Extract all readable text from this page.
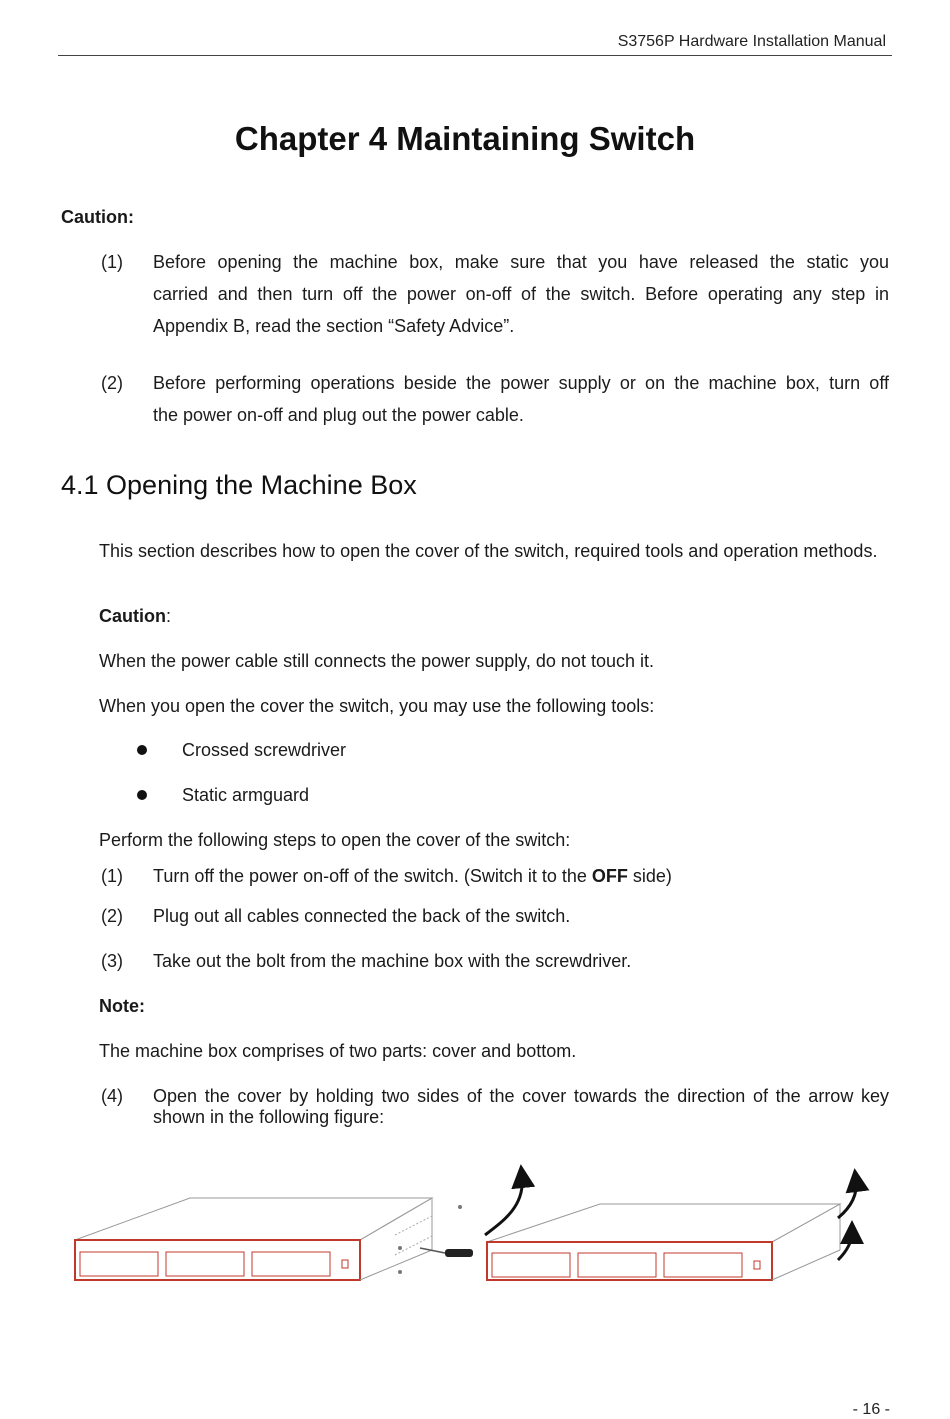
S3756P Hardware Installation Manual
Chapter 4 Maintaining Switch
Caution:
(1) Before opening the machine box, make sure that you have released the static you
carried and then turn off the power on-off of the switch. Before operating any step in
Appendix B, read the section “Safety Advice”.
(2) Before performing operations beside the power supply or on the machine box, turn off
the power on-off and plug out the power cable.
4.1 Opening the Machine Box
This section describes how to open the cover of the switch, required tools and operation methods.
Caution:
When the power cable still connects the power supply, do not touch it.
When you open the cover the switch, you may use the following tools:
Crossed screwdriver
Static armguard
Perform the following steps to open the cover of the switch:
(1) Turn off the power on-off of the switch. (Switch it to the OFF side)
(2) Plug out all cables connected the back of the switch.
(3) Take out the bolt from the machine box with the screwdriver.
Note:
The machine box comprises of two parts: cover and bottom.
(4) Open the cover by holding two sides of the cover towards the direction of the arrow key
shown in the following figure:
- 16 -
